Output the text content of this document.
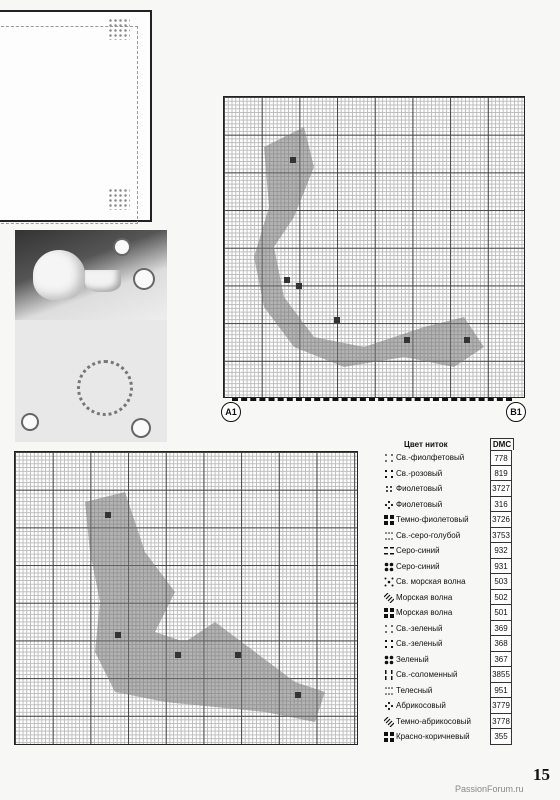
A1	B1
Цвет ниток	DMC
Св.-фиолфетовый	778
Св.-розовый	819
Фиолетовый	3727
Фиолетовый	316
Темно-фиолетовый	3726
Св.-серо-голубой	3753
Серо-синий	932
Серо-синий	931
Св. морская волна	503
Морская волна	502
Морская волна	501
Св.-зеленый	369
Св.-зеленый	368
Зеленый	367
Св.-соломенный	3855
Телесный	951
Абрикосовый	3779
Темно-абрикосовый	3778
Красно-коричневый	355
15
PassionForum.ru
